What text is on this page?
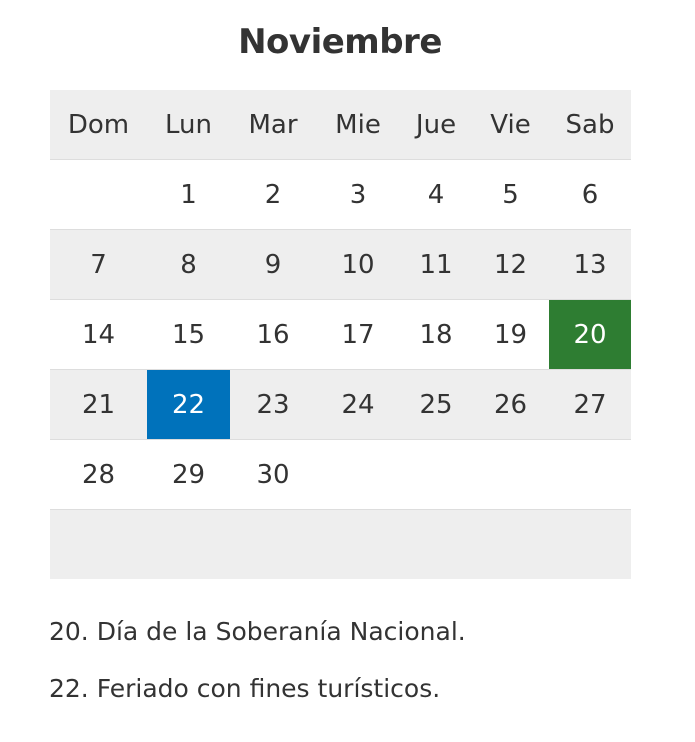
Noviembre
Dom	Lun	Mar	Mie	Jue	Vie	Sab
	1	2	3	4	5	6
7	8	9	10	11	12	13
14	15	16	17	18	19	20
21	22	23	24	25	26	27
28	29	30				

20. Día de la Soberanía Nacional.
22. Feriado con fines turísticos.
